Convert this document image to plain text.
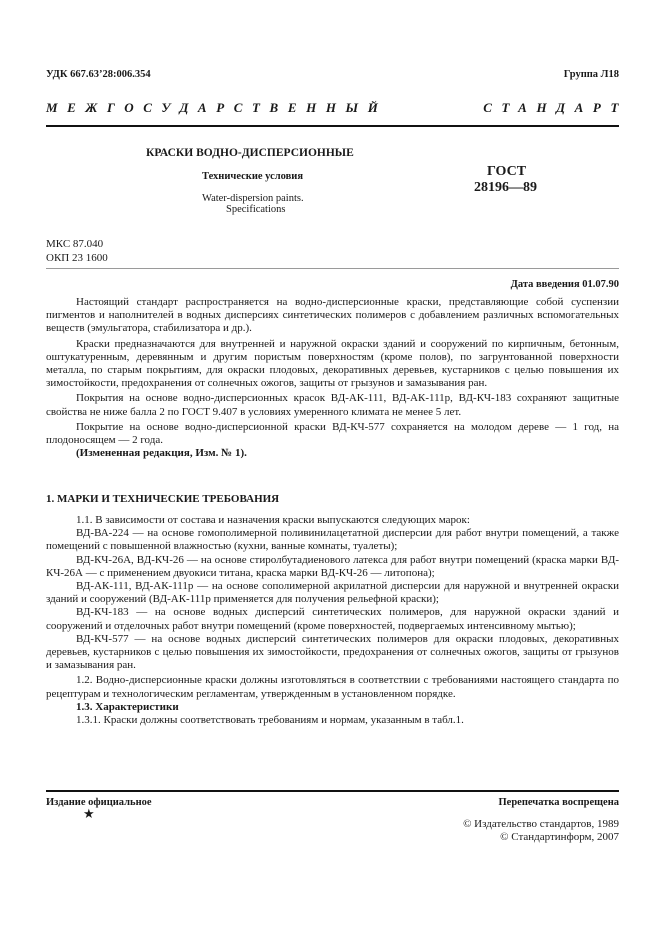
УДК 667.63’28:006.354	Группа Л18
МЕЖГОСУДАРСТВЕННЫЙ	СТАНДАРТ
КРАСКИ ВОДНО-ДИСПЕРСИОННЫЕ
Технические условия
Water-dispersion paints.
Specifications
ГОСТ
28196—89
МКС 87.040
ОКП 23 1600
Дата введения 01.07.90

Настоящий стандарт распространяется на водно-дисперсионные краски, представляющие собой суспензии пигментов и наполнителей в водных дисперсиях синтетических полимеров с добавлением различных вспомогательных веществ (эмульгатора, стабилизатора и др.).

Краски предназначаются для внутренней и наружной окраски зданий и сооружений по кирпичным, бетонным, оштукатуренным, деревянным и другим пористым поверхностям (кроме полов), по загрунтованной поверхности металла, по старым покрытиям, для окраски плодовых, декоративных деревьев, кустарников с целью повышения их зимостойкости, предохранения от солнечных ожогов, защиты от грызунов и замазывания ран.

Покрытия на основе водно-дисперсионных красок ВД-АК-111, ВД-АК-111р, ВД-КЧ-183 сохраняют защитные свойства не ниже балла 2 по ГОСТ 9.407 в условиях умеренного климата не менее 5 лет.

Покрытие на основе водно-дисперсионной краски ВД-КЧ-577 сохраняется на молодом дереве — 1 год, на плодоносящем — 2 года.

(Измененная редакция, Изм. № 1).

1. МАРКИ И ТЕХНИЧЕСКИЕ ТРЕБОВАНИЯ

1.1. В зависимости от состава и назначения краски выпускаются следующих марок:

ВД-ВА-224 — на основе гомополимерной поливинилацетатной дисперсии для работ внутри помещений, а также помещений с повышенной влажностью (кухни, ванные комнаты, туалеты);

ВД-КЧ-26А, ВД-КЧ-26 — на основе стиролбутадиенового латекса для работ внутри помещений (краска марки ВД-КЧ-26А — с применением двуокиси титана, краска марки ВД-КЧ-26 — литопона);

ВД-АК-111, ВД-АК-111р — на основе сополимерной акрилатной дисперсии для наружной и внутренней окраски зданий и сооружений (ВД-АК-111р применяется для получения рельефной краски);

ВД-КЧ-183 — на основе водных дисперсий синтетических полимеров, для наружной окраски зданий и сооружений и отделочных работ внутри помещений (кроме поверхностей, подвергаемых интенсивному мытью);

ВД-КЧ-577 — на основе водных дисперсий синтетических полимеров для окраски плодовых, декоративных деревьев, кустарников с целью повышения их зимостойкости, предохранения от солнечных ожогов, защиты от грызунов и замазывания ран.

1.2. Водно-дисперсионные краски должны изготовляться в соответствии с требованиями настоящего стандарта по рецептурам и технологическим регламентам, утвержденным в установленном порядке.

1.3. Характеристики

1.3.1. Краски должны соответствовать требованиям и нормам, указанным в табл.1.

Издание официальное	Перепечатка воспрещена
★
© Издательство стандартов, 1989
© Стандартинформ, 2007
